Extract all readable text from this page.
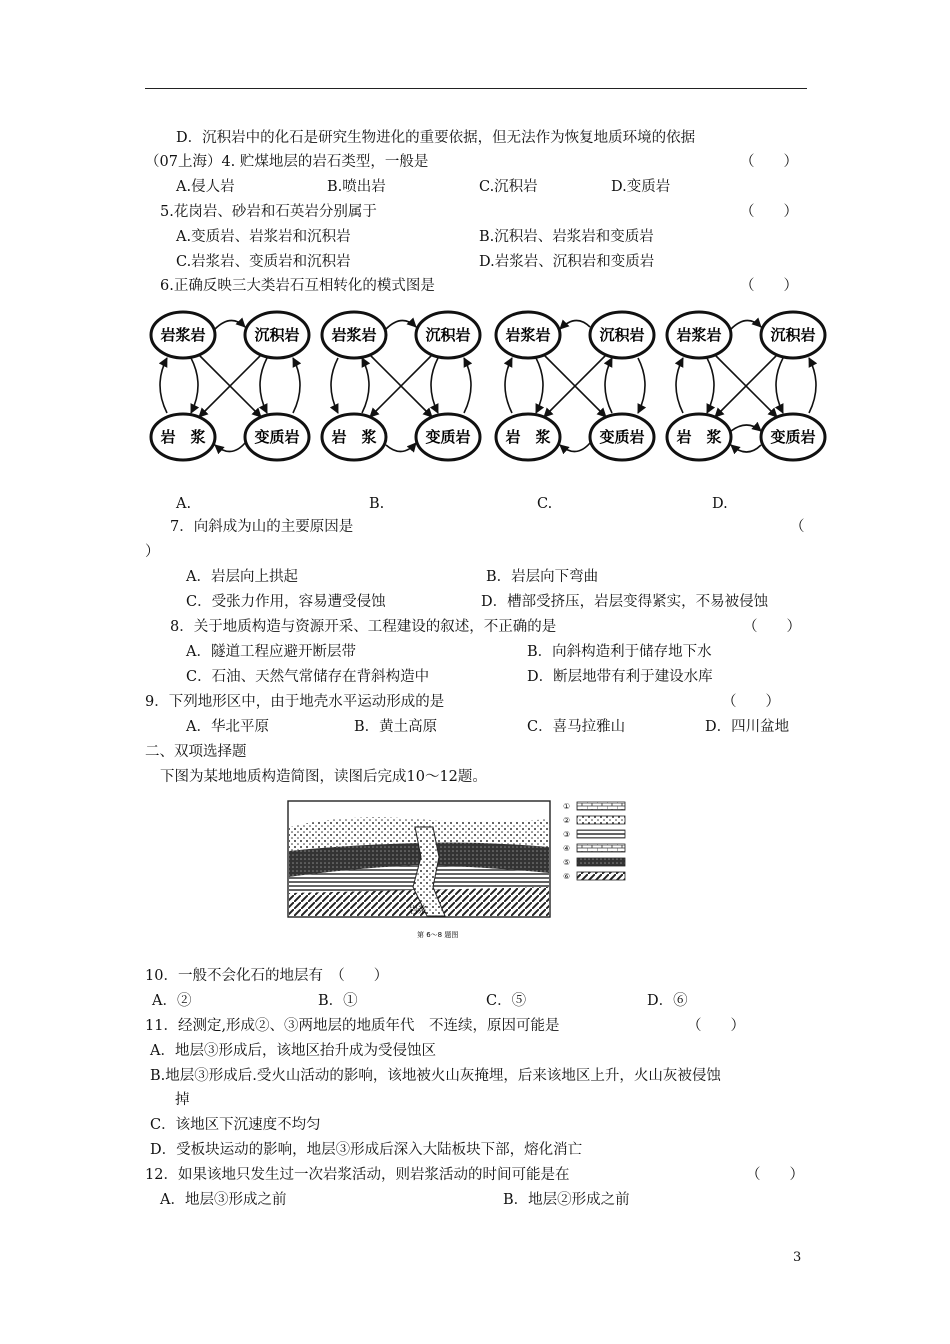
D．沉积岩中的化石是研究生物进化的重要依据，但无法作为恢复地质环境的依据
（07上海）4. 贮煤地层的岩石类型，一般是	（　　）
A.侵人岩	B.喷出岩	C.沉积岩	D.变质岩
5.花岗岩、砂岩和石英岩分别属于	（　　）
A.变质岩、岩浆岩和沉积岩	B.沉积岩、岩浆岩和变质岩
C.岩浆岩、变质岩和沉积岩	D.岩浆岩、沉积岩和变质岩
6.正确反映三大类岩石互相转化的模式图是	（　　）
岩浆岩	沉积岩
岩　浆	变质岩
岩浆岩	沉积岩
岩　浆	变质岩
岩浆岩	沉积岩
岩　浆	变质岩
岩浆岩	沉积岩
岩　浆	变质岩
A.	B.	C.	D.
7．向斜成为山的主要原因是	（
）
A．岩层向上拱起	B．岩层向下弯曲
C．受张力作用，容易遭受侵蚀	D．槽部受挤压，岩层变得紧实，不易被侵蚀
8．关于地质构造与资源开采、工程建设的叙述，不正确的是	（　　）
A．隧道工程应避开断层带	B．向斜构造利于储存地下水
C．石油、天然气常储存在背斜构造中	D．断层地带有利于建设水库
9．下列地形区中，由于地壳水平运动形成的是	（　　）
A．华北平原	B．黄土高原	C．喜马拉雅山	D．四川盆地
二、双项选择题
下图为某地地质构造简图，读图后完成10～12题。
岩浆
第 6～8 题图
①
②
③
④
⑤
⑥
10．一般不会化石的地层有　（　　）
A．②	B．①	C．⑤	D．⑥
11．经测定,形成②、③两地层的地质年代　不连续，原因可能是	（　　）
A．地层③形成后，该地区抬升成为受侵蚀区
B.地层③形成后.受火山活动的影响，该地被火山灰掩埋，后来该地区上升，火山灰被侵蚀
掉
C．该地区下沉速度不均匀
D．受板块运动的影响，地层③形成后深入大陆板块下部，熔化消亡
12．如果该地只发生过一次岩浆活动，则岩浆活动的时间可能是在	（　　）
A．地层③形成之前	B．地层②形成之前
3
